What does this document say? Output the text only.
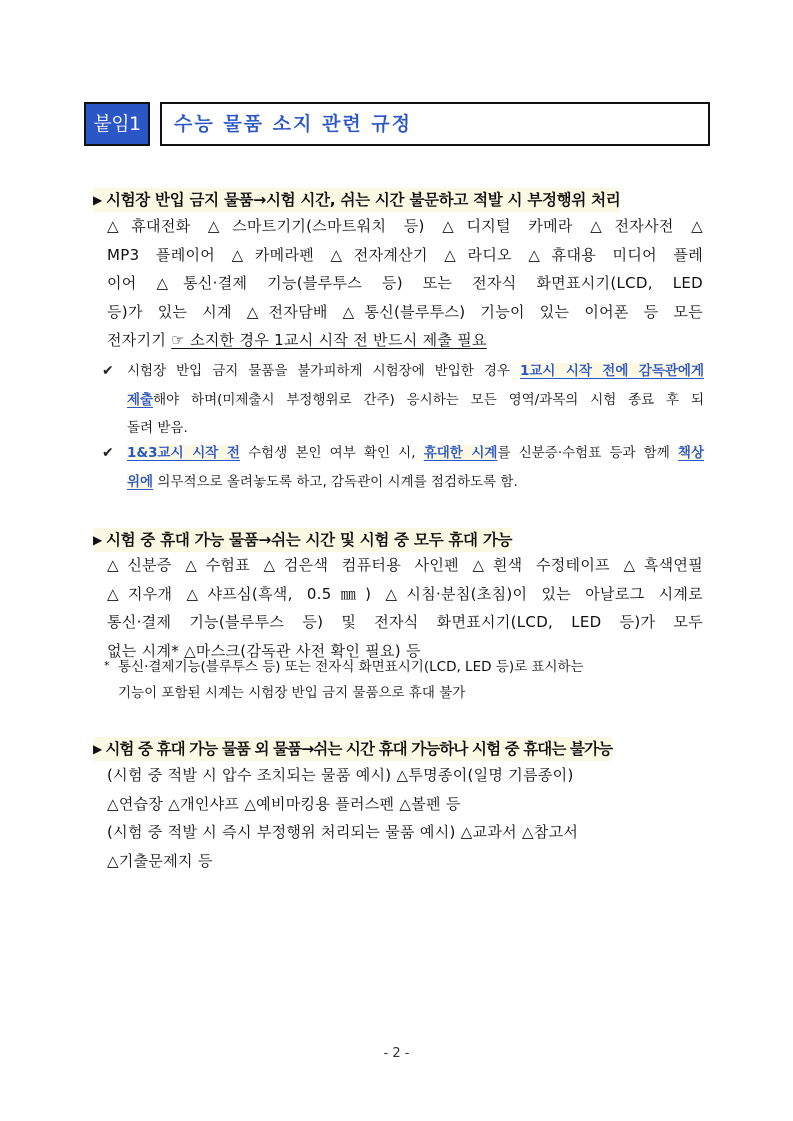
붙임1	수능 물품 소지 관련 규정
▶ 시험장 반입 금지 물품→시험 시간, 쉬는 시간 불문하고 적발 시 부정행위 처리
△휴대전화 △스마트기기(스마트워치 등) △디지털 카메라 △전자사전 △
MP3 플레이어 △카메라펜 △전자계산기 △라디오 △휴대용 미디어 플레
이어 △통신·결제 기능(블루투스 등) 또는 전자식 화면표시기(LCD, LED
등)가 있는 시계 △전자담배 △통신(블루투스) 기능이 있는 이어폰 등 모든
전자기기 ☞ 소지한 경우 1교시 시작 전 반드시 제출 필요
✔ 시험장 반입 금지 물품을 불가피하게 시험장에 반입한 경우 1교시 시작 전에 감독관에게
제출해야 하며(미제출시 부정행위로 간주) 응시하는 모든 영역/과목의 시험 종료 후 되
돌려 받음.
✔ 1&3교시 시작 전 수험생 본인 여부 확인 시, 휴대한 시계를 신분증·수험표 등과 함께 책상
위에 의무적으로 올려놓도록 하고, 감독관이 시계를 점검하도록 함.
▶ 시험 중 휴대 가능 물품→쉬는 시간 및 시험 중 모두 휴대 가능
△신분증 △수험표 △검은색 컴퓨터용 사인펜 △흰색 수정테이프 △흑색연필
△지우개 △샤프심(흑색, 0.5㎜) △시침·분침(초침)이 있는 아날로그 시계로
통신·결제 기능(블루투스 등) 및 전자식 화면표시기(LCD, LED 등)가 모두
없는 시계* △마스크(감독관 사전 확인 필요) 등
* 통신·결제기능(블루투스 등) 또는 전자식 화면표시기(LCD, LED 등)로 표시하는
기능이 포함된 시계는 시험장 반입 금지 물품으로 휴대 불가
▶ 시험 중 휴대 가능 물품 외 물품→쉬는 시간 휴대 가능하나 시험 중 휴대는 불가능
(시험 중 적발 시 압수 조치되는 물품 예시) △투명종이(일명 기름종이)
△연습장 △개인샤프 △예비마킹용 플러스펜 △볼펜 등
(시험 중 적발 시 즉시 부정행위 처리되는 물품 예시) △교과서 △참고서
△기출문제지 등
- 2 -
